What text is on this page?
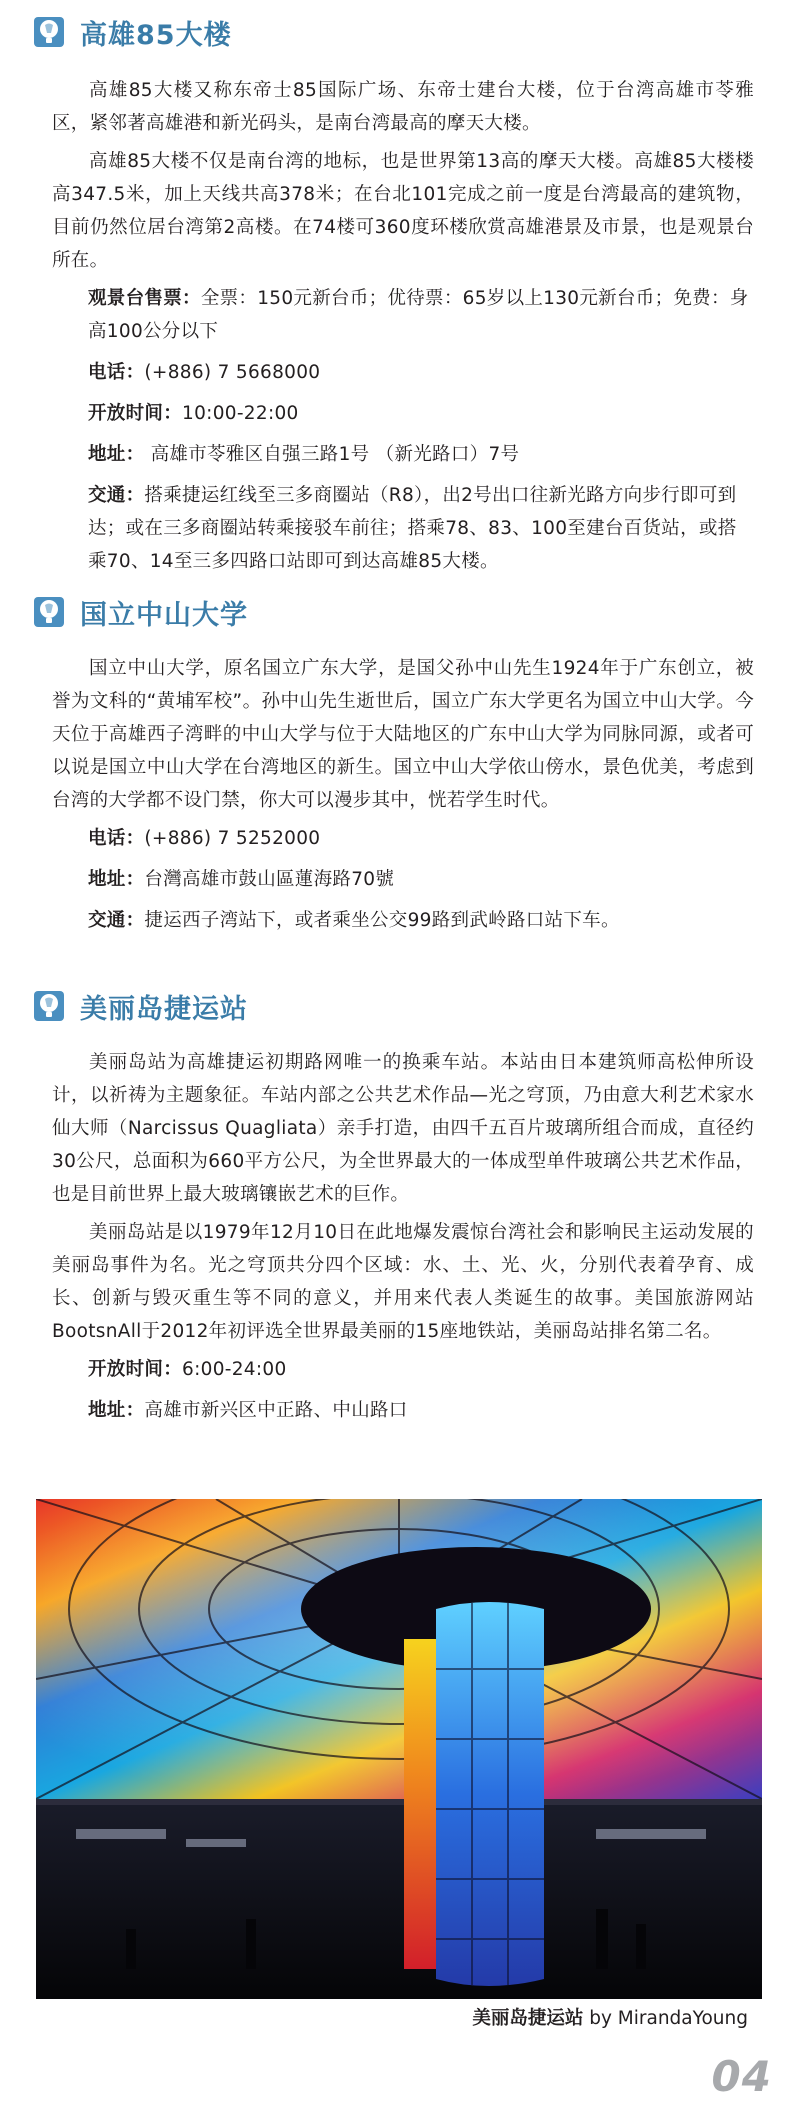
高雄85大楼

高雄85大楼又称东帝士85国际广场、东帝士建台大楼，位于台湾高雄市苓雅区，紧邻著高雄港和新光码头，是南台湾最高的摩天大楼。

高雄85大楼不仅是南台湾的地标，也是世界第13高的摩天大楼。高雄85大楼楼高347.5米，加上天线共高378米；在台北101完成之前一度是台湾最高的建筑物，目前仍然位居台湾第2高楼。在74楼可360度环楼欣赏高雄港景及市景，也是观景台所在。

观景台售票：全票：150元新台币；优待票：65岁以上130元新台币；免费：身高100公分以下

电话：(+886) 7 5668000

开放时间：10:00-22:00

地址： 高雄市苓雅区自强三路1号 （新光路口）7号

交通：搭乘捷运红线至三多商圈站（R8），出2号出口往新光路方向步行即可到达；或在三多商圈站转乘接驳车前往；搭乘78、83、100至建台百货站，或搭乘70、14至三多四路口站即可到达高雄85大楼。

国立中山大学

国立中山大学，原名国立广东大学，是国父孙中山先生1924年于广东创立，被誉为文科的“黄埔军校”。孙中山先生逝世后，国立广东大学更名为国立中山大学。今天位于高雄西子湾畔的中山大学与位于大陆地区的广东中山大学为同脉同源，或者可以说是国立中山大学在台湾地区的新生。国立中山大学依山傍水，景色优美，考虑到台湾的大学都不设门禁，你大可以漫步其中，恍若学生时代。

电话：(+886) 7 5252000

地址：台灣高雄市鼓山區蓮海路70號

交通：捷运西子湾站下，或者乘坐公交99路到武岭路口站下车。

美丽岛捷运站

美丽岛站为高雄捷运初期路网唯一的换乘车站。本站由日本建筑师高松伸所设计，以祈祷为主题象征。车站内部之公共艺术作品—光之穹顶，乃由意大利艺术家水仙大师（Narcissus Quagliata）亲手打造，由四千五百片玻璃所组合而成，直径约30公尺，总面积为660平方公尺，为全世界最大的一体成型单件玻璃公共艺术作品，也是目前世界上最大玻璃镶嵌艺术的巨作。

美丽岛站是以1979年12月10日在此地爆发震惊台湾社会和影响民主运动发展的美丽岛事件为名。光之穹顶共分四个区域：水、土、光、火，分别代表着孕育、成长、创新与毁灭重生等不同的意义，并用来代表人类诞生的故事。美国旅游网站BootsnAll于2012年初评选全世界最美丽的15座地铁站，美丽岛站排名第二名。

开放时间：6:00-24:00

地址：高雄市新兴区中正路、中山路口

美丽岛捷运站 by MirandaYoung
04
